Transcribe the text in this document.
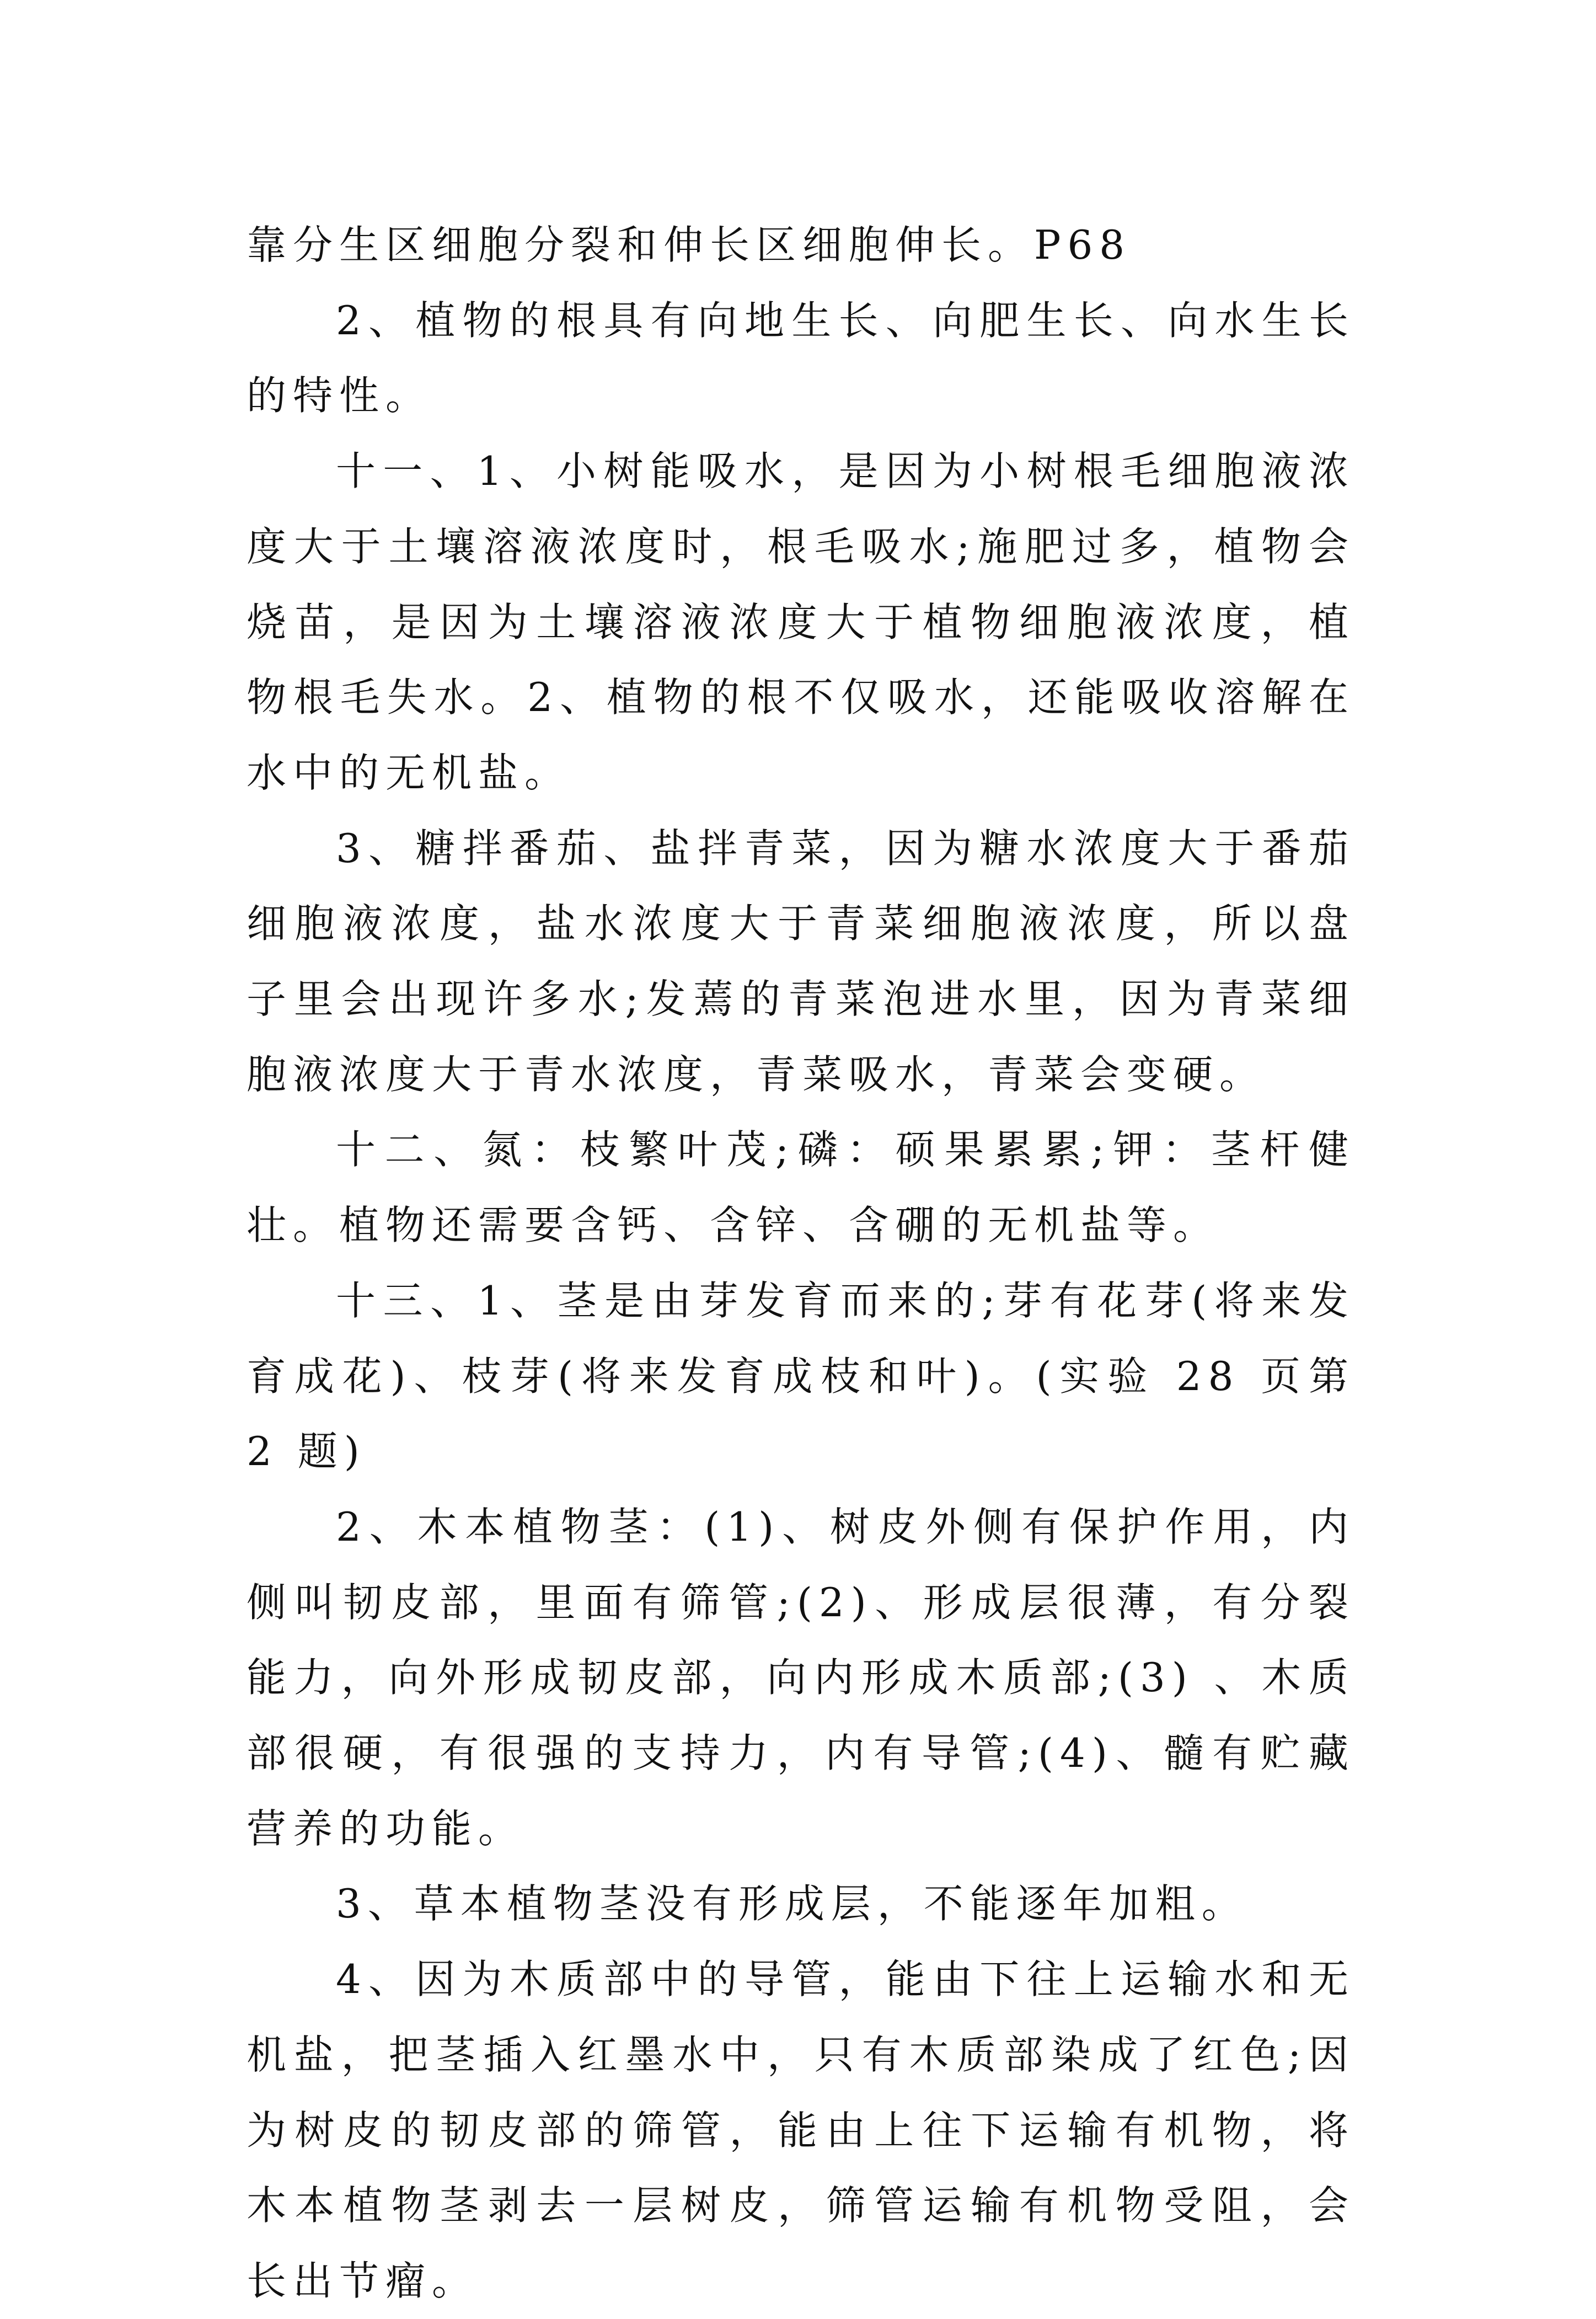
靠分生区细胞分裂和伸长区细胞伸长。P68

2、植物的根具有向地生长、向肥生长、向水生长的特性。

十一、1、小树能吸水，是因为小树根毛细胞液浓度大于土壤溶液浓度时，根毛吸水;施肥过多，植物会烧苗，是因为土壤溶液浓度大于植物细胞液浓度，植物根毛失水。2、植物的根不仅吸水，还能吸收溶解在水中的无机盐。

3、糖拌番茄、盐拌青菜，因为糖水浓度大于番茄细胞液浓度，盐水浓度大于青菜细胞液浓度，所以盘子里会出现许多水;发蔫的青菜泡进水里，因为青菜细胞液浓度大于青水浓度，青菜吸水，青菜会变硬。

十二、氮：枝繁叶茂;磷：硕果累累;钾：茎杆健壮。植物还需要含钙、含锌、含硼的无机盐等。

十三、1、茎是由芽发育而来的;芽有花芽(将来发育成花)、枝芽(将来发育成枝和叶)。(实验 28 页第 2 题)

2、木本植物茎：(1)、树皮外侧有保护作用，内侧叫韧皮部，里面有筛管;(2)、形成层很薄，有分裂能力，向外形成韧皮部，向内形成木质部;(3) 、木质部很硬，有很强的支持力，内有导管;(4)、髓有贮藏营养的功能。

3、草本植物茎没有形成层，不能逐年加粗。

4、因为木质部中的导管，能由下往上运输水和无机盐，把茎插入红墨水中，只有木质部染成了红色;因为树皮的韧皮部的筛管，能由上往下运输有机物，将木本植物茎剥去一层树皮，筛管运输有机物受阻，会长出节瘤。
